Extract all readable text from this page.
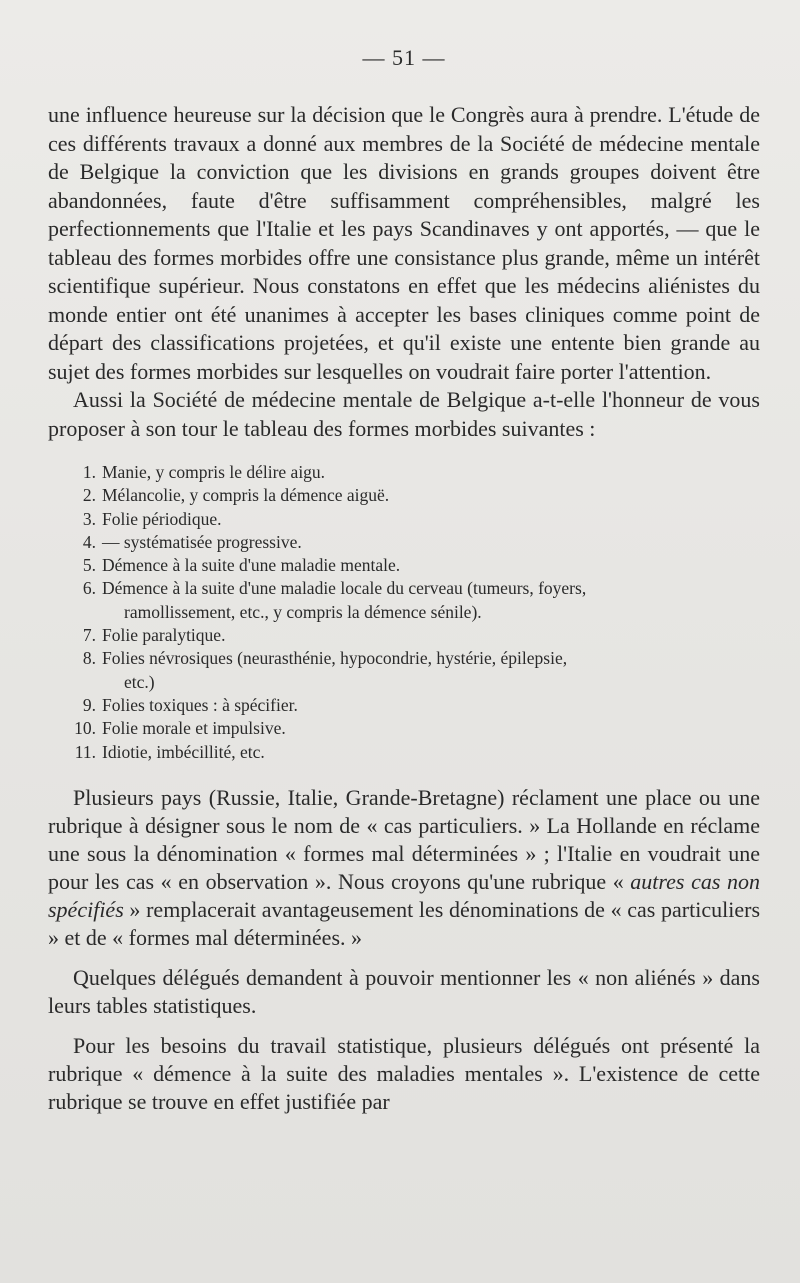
— 51 —

une influence heureuse sur la décision que le Congrès aura à prendre. L'étude de ces différents travaux a donné aux membres de la Société de médecine mentale de Belgique la conviction que les divisions en grands groupes doivent être abandonnées, faute d'être suffisamment compréhensibles, malgré les perfectionnements que l'Italie et les pays Scandinaves y ont apportés, — que le tableau des formes morbides offre une consistance plus grande, même un intérêt scientifique supérieur. Nous constatons en effet que les médecins aliénistes du monde entier ont été unanimes à accepter les bases cliniques comme point de départ des classifications projetées, et qu'il existe une entente bien grande au sujet des formes morbides sur lesquelles on voudrait faire porter l'attention.

Aussi la Société de médecine mentale de Belgique a-t-elle l'honneur de vous proposer à son tour le tableau des formes morbides suivantes :

1. Manie, y compris le délire aigu.
2. Mélancolie, y compris la démence aiguë.
3. Folie périodique.
4. — systématisée progressive.
5. Démence à la suite d'une maladie mentale.
6. Démence à la suite d'une maladie locale du cerveau (tumeurs, foyers,
ramollissement, etc., y compris la démence sénile).
7. Folie paralytique.
8. Folies névrosiques (neurasthénie, hypocondrie, hystérie, épilepsie,
etc.)
9. Folies toxiques : à spécifier.
10. Folie morale et impulsive.
11. Idiotie, imbécillité, etc.

Plusieurs pays (Russie, Italie, Grande-Bretagne) réclament une place ou une rubrique à désigner sous le nom de « cas particuliers. » La Hollande en réclame une sous la dénomination « formes mal déterminées » ; l'Italie en voudrait une pour les cas « en observation ». Nous croyons qu'une rubrique « autres cas non spécifiés » remplacerait avantageusement les dénominations de « cas particuliers » et de « formes mal déterminées. »

Quelques délégués demandent à pouvoir mentionner les « non aliénés » dans leurs tables statistiques.

Pour les besoins du travail statistique, plusieurs délégués ont présenté la rubrique « démence à la suite des maladies mentales ». L'existence de cette rubrique se trouve en effet justifiée par
